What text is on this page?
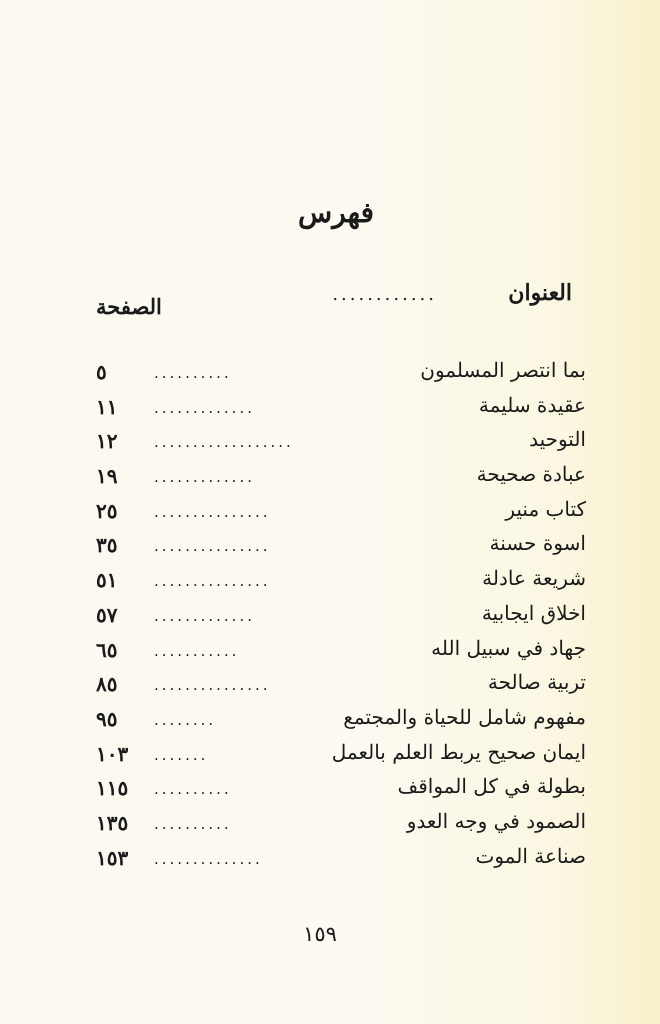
فهرس
العنوان
............
الصفحة
بما انتصر المسلمون
..........
٥
عقيدة سليمة
.............
١١
التوحيد
..................
١٢
عبادة صحيحة
.............
١٩
كتاب منير
...............
٢٥
اسوة حسنة
...............
٣٥
شريعة عادلة
...............
٥١
اخلاق ايجابية
.............
٥٧
جهاد في سبيل الله
...........
٦٥
تربية صالحة
...............
٨٥
مفهوم شامل للحياة والمجتمع
........
٩٥
ايمان صحيح يربط العلم بالعمل
.......
١٠٣
بطولة في كل المواقف
..........
١١٥
الصمود في وجه العدو
..........
١٣٥
صناعة الموت
..............
١٥٣
١٥٩
